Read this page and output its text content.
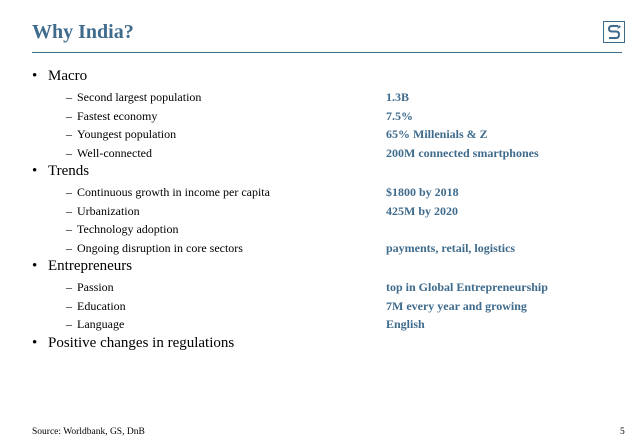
Why India?
• Macro
– Second largest population	1.3B
– Fastest economy	7.5%
– Youngest population	65% Millenials & Z
– Well-connected	200M connected smartphones
• Trends
– Continuous growth in income per capita	$1800 by 2018
– Urbanization	425M by 2020
– Technology adoption
– Ongoing disruption in core sectors	payments, retail, logistics
• Entrepreneurs
– Passion	top in Global Entrepreneurship
– Education	7M every year and growing
– Language	English
• Positive changes in regulations
Source: Worldbank, GS, DnB	5
